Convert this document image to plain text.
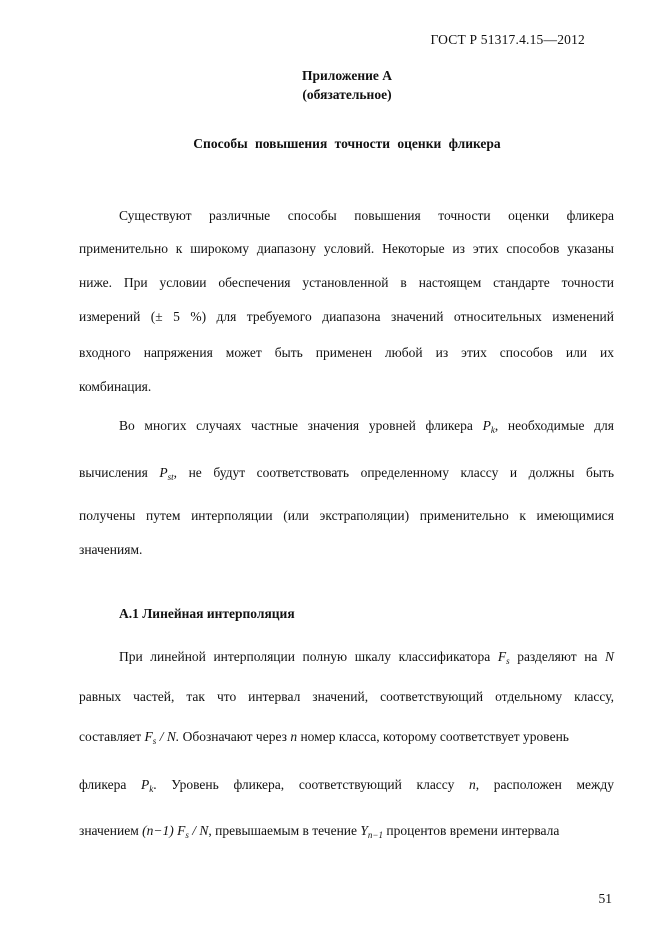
ГОСТ Р 51317.4.15—2012
Приложение А
(обязательное)
Способы повышения точности оценки фликера
Существуют различные способы повышения точности оценки фликера
применительно к широкому диапазону условий. Некоторые из этих способов указаны
ниже. При условии обеспечения установленной в настоящем стандарте точности
измерений (± 5 %) для требуемого диапазона значений относительных изменений
входного напряжения может быть применен любой из этих способов или их
комбинация.
Во многих случаях частные значения уровней фликера $P_k$, необходимые для
вычисления $P_{st}$, не будут соответствовать определенному классу и должны быть
получены путем интерполяции (или экстраполяции) применительно к имеющимися
значениям.
А.1 Линейная интерполяция
При линейной интерполяции полную шкалу классификатора $F_s$ разделяют на N
равных частей, так что интервал значений, соответствующий отдельному классу,
составляет $F_s$ / N. Обозначают через n номер класса, которому соответствует уровень
фликера $P_k$. Уровень фликера, соответствующий классу n, расположен между
значением (n−1) $F_s$ / N, превышаемым в течение $Y_{n-1}$ процентов времени интервала
51
